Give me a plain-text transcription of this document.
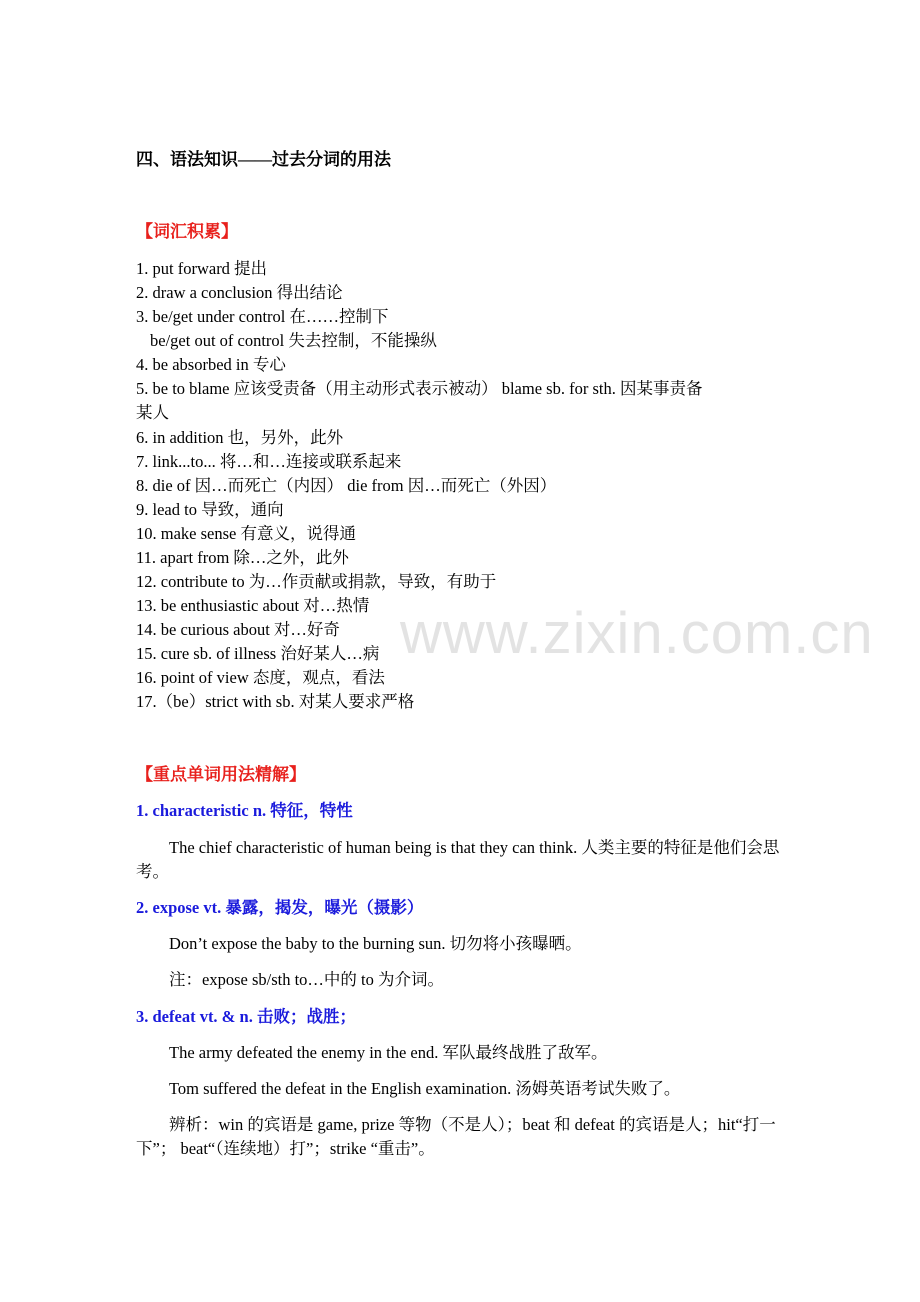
www.zixin.com.cn
四、语法知识——过去分词的用法
【词汇积累】
1. put forward 提出
2. draw a conclusion 得出结论
3. be/get under control 在……控制下
be/get out of control 失去控制，不能操纵
4. be absorbed in 专心
5. be to blame 应该受责备（用主动形式表示被动） blame sb. for sth. 因某事责备
某人
6. in addition 也，另外，此外
7. link...to... 将…和…连接或联系起来
8. die of 因…而死亡（内因） die from 因…而死亡（外因）
9. lead to 导致，通向
10. make sense 有意义，说得通
11. apart from 除…之外，此外
12. contribute to 为…作贡献或捐款，导致，有助于
13. be enthusiastic about 对…热情
14. be curious about 对…好奇
15. cure sb. of illness 治好某人…病
16. point of view 态度，观点，看法
17.（be）strict with sb. 对某人要求严格
【重点单词用法精解】
1. characteristic n. 特征，特性
The chief characteristic of human being is that they can think. 人类主要的特征是他们会思考。
2. expose vt. 暴露，揭发，曝光（摄影）
Don’t expose the baby to the burning sun. 切勿将小孩曝晒。
注：expose sb/sth to…中的 to 为介词。
3. defeat vt. & n. 击败；战胜；
The army defeated the enemy in the end. 军队最终战胜了敌军。
Tom suffered the defeat in the English examination. 汤姆英语考试失败了。
辨析：win 的宾语是 game, prize 等物（不是人）；beat 和 defeat 的宾语是人；hit“打一下”； beat“（连续地）打”；strike “重击”。
